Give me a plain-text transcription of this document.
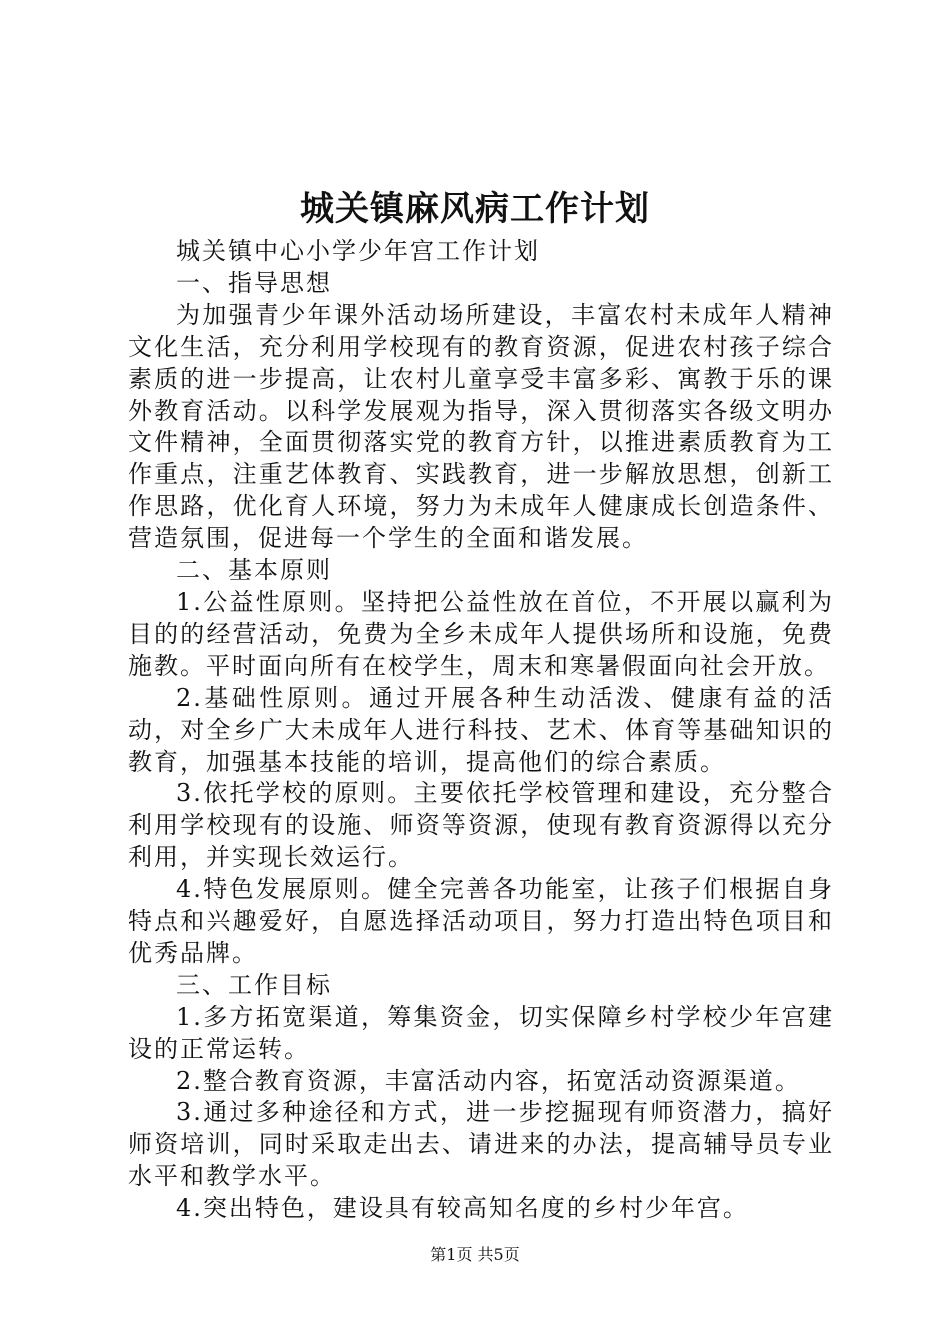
城关镇麻风病工作计划

城关镇中心小学少年宫工作计划

一、指导思想

为加强青少年课外活动场所建设，丰富农村未成年人精神文化生活，充分利用学校现有的教育资源，促进农村孩子综合素质的进一步提高，让农村儿童享受丰富多彩、寓教于乐的课外教育活动。以科学发展观为指导，深入贯彻落实各级文明办文件精神，全面贯彻落实党的教育方针，以推进素质教育为工作重点，注重艺体教育、实践教育，进一步解放思想，创新工作思路，优化育人环境，努力为未成年人健康成长创造条件、营造氛围，促进每一个学生的全面和谐发展。

二、基本原则

1.公益性原则。坚持把公益性放在首位，不开展以赢利为目的的经营活动，免费为全乡未成年人提供场所和设施，免费施教。平时面向所有在校学生，周末和寒暑假面向社会开放。

2.基础性原则。通过开展各种生动活泼、健康有益的活动，对全乡广大未成年人进行科技、艺术、体育等基础知识的教育，加强基本技能的培训，提高他们的综合素质。

3.依托学校的原则。主要依托学校管理和建设，充分整合利用学校现有的设施、师资等资源，使现有教育资源得以充分利用，并实现长效运行。

4.特色发展原则。健全完善各功能室，让孩子们根据自身特点和兴趣爱好，自愿选择活动项目，努力打造出特色项目和优秀品牌。

三、工作目标

1.多方拓宽渠道，筹集资金，切实保障乡村学校少年宫建设的正常运转。

2.整合教育资源，丰富活动内容，拓宽活动资源渠道。

3.通过多种途径和方式，进一步挖掘现有师资潜力，搞好师资培训，同时采取走出去、请进来的办法，提高辅导员专业水平和教学水平。

4.突出特色，建设具有较高知名度的乡村少年宫。

第1页 共5页
